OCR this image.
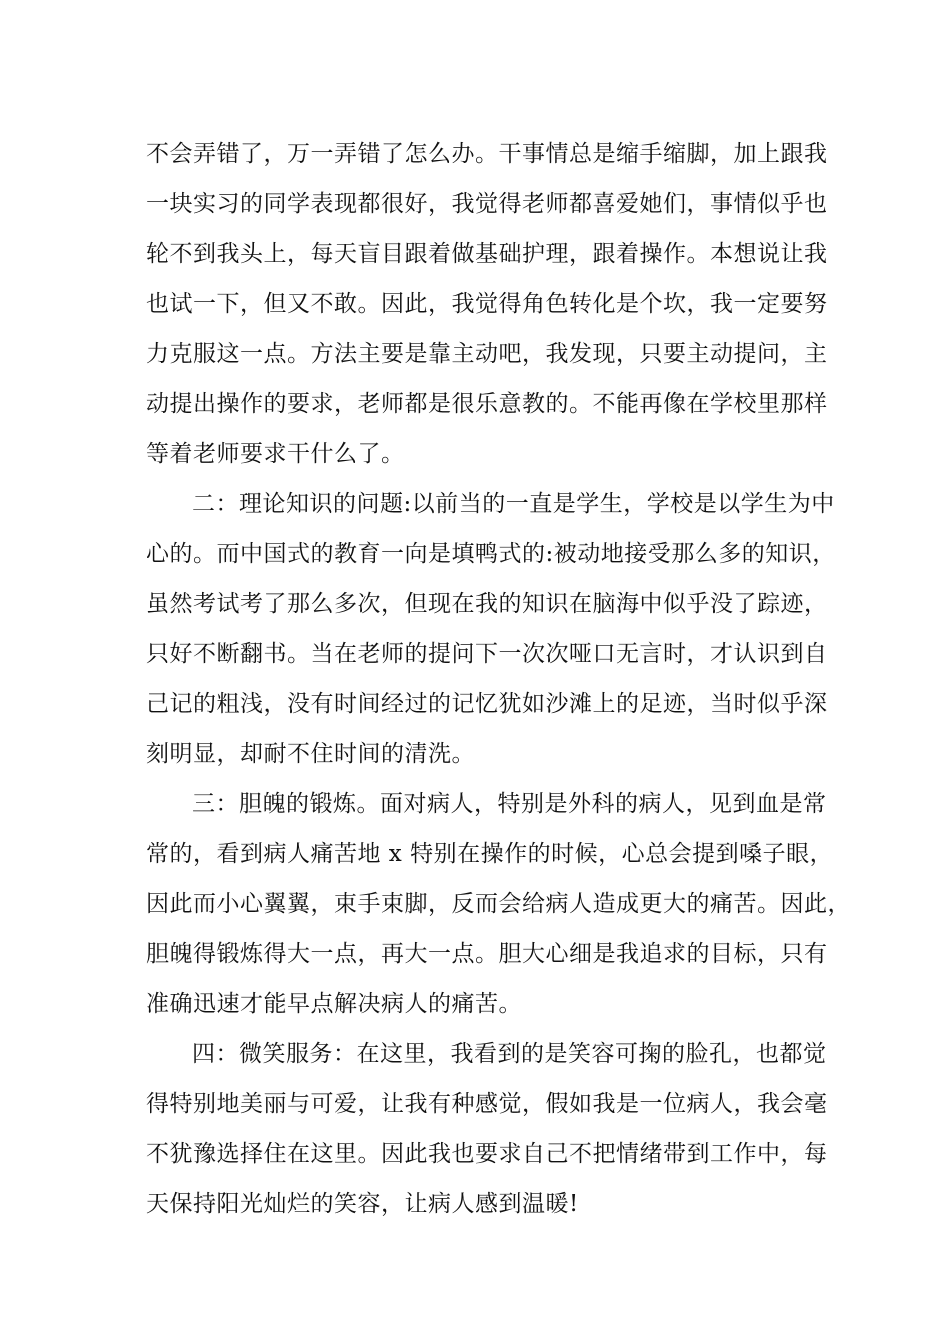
不会弄错了，万一弄错了怎么办。干事情总是缩手缩脚，加上跟我
一块实习的同学表现都很好，我觉得老师都喜爱她们，事情似乎也
轮不到我头上，每天盲目跟着做基础护理，跟着操作。本想说让我
也试一下，但又不敢。因此，我觉得角色转化是个坎，我一定要努
力克服这一点。方法主要是靠主动吧，我发现，只要主动提问，主
动提出操作的要求，老师都是很乐意教的。不能再像在学校里那样
等着老师要求干什么了。
二：理论知识的问题:以前当的一直是学生，学校是以学生为中
心的。而中国式的教育一向是填鸭式的:被动地接受那么多的知识，
虽然考试考了那么多次，但现在我的知识在脑海中似乎没了踪迹，
只好不断翻书。当在老师的提问下一次次哑口无言时，才认识到自
己记的粗浅，没有时间经过的记忆犹如沙滩上的足迹，当时似乎深
刻明显，却耐不住时间的清洗。
三：胆魄的锻炼。面对病人，特别是外科的病人，见到血是常
常的，看到病人痛苦地 x 特别在操作的时候，心总会提到嗓子眼，
因此而小心翼翼，束手束脚，反而会给病人造成更大的痛苦。因此，
胆魄得锻炼得大一点，再大一点。胆大心细是我追求的目标，只有
准确迅速才能早点解决病人的痛苦。
四：微笑服务：在这里，我看到的是笑容可掬的脸孔，也都觉
得特别地美丽与可爱，让我有种感觉，假如我是一位病人，我会毫
不犹豫选择住在这里。因此我也要求自己不把情绪带到工作中，每
天保持阳光灿烂的笑容，让病人感到温暖!
